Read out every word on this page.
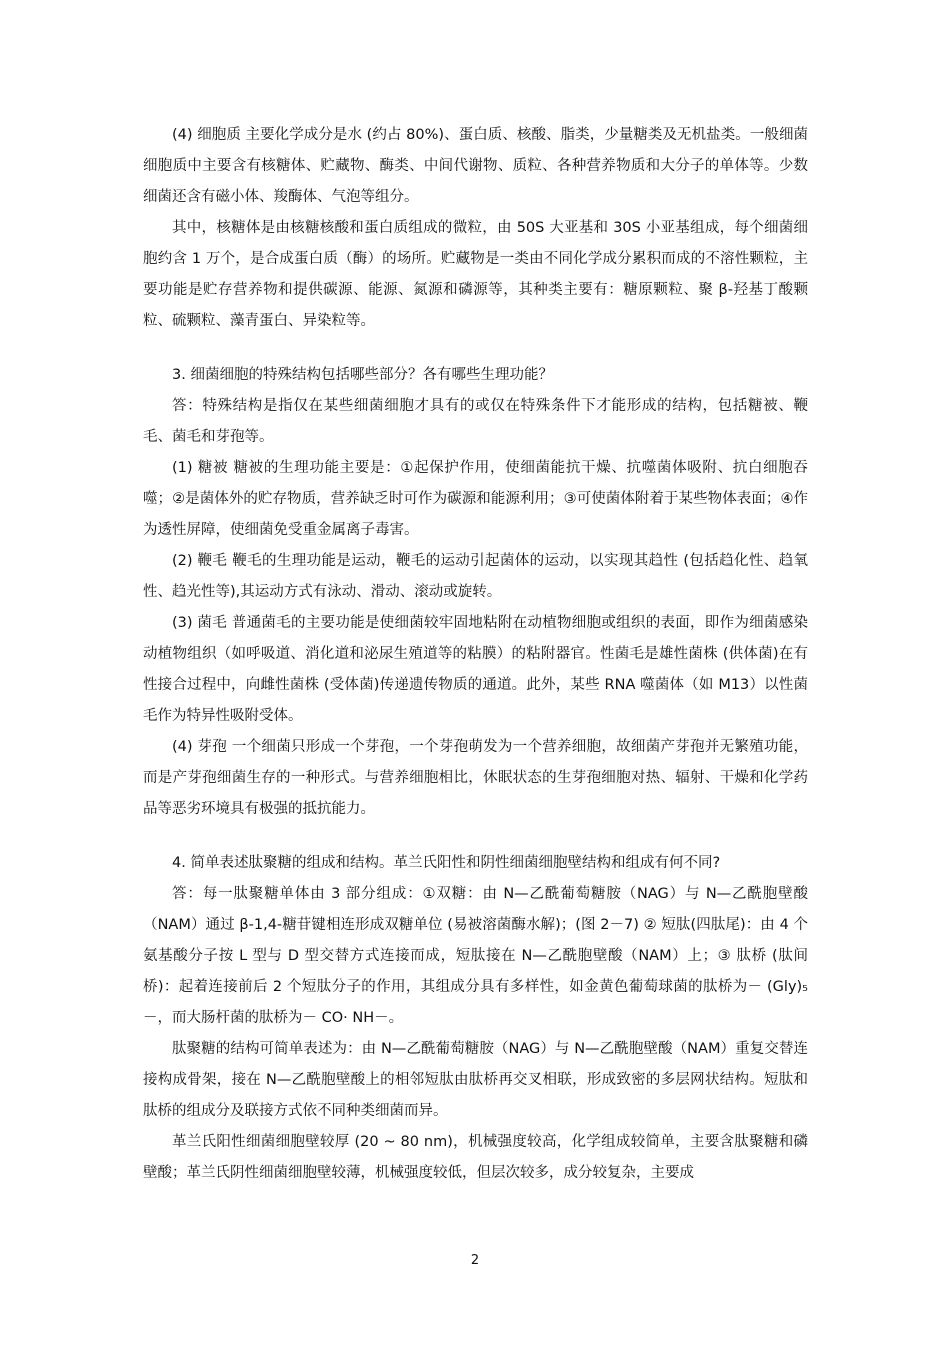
(4) 细胞质 主要化学成分是水 (约占 80%)、蛋白质、核酸、脂类，少量糖类及无机盐类。一般细菌细胞质中主要含有核糖体、贮藏物、酶类、中间代谢物、质粒、各种营养物质和大分子的单体等。少数细菌还含有磁小体、羧酶体、气泡等组分。

其中，核糖体是由核糖核酸和蛋白质组成的微粒，由 50S 大亚基和 30S 小亚基组成，每个细菌细胞约含 1 万个，是合成蛋白质（酶）的场所。贮藏物是一类由不同化学成分累积而成的不溶性颗粒，主要功能是贮存营养物和提供碳源、能源、氮源和磷源等，其种类主要有：糖原颗粒、聚 β-羟基丁酸颗粒、硫颗粒、藻青蛋白、异染粒等。

3. 细菌细胞的特殊结构包括哪些部分？各有哪些生理功能？

答：特殊结构是指仅在某些细菌细胞才具有的或仅在特殊条件下才能形成的结构，包括糖被、鞭毛、菌毛和芽孢等。

(1) 糖被 糖被的生理功能主要是：①起保护作用，使细菌能抗干燥、抗噬菌体吸附、抗白细胞吞噬；②是菌体外的贮存物质，营养缺乏时可作为碳源和能源利用；③可使菌体附着于某些物体表面；④作为透性屏障，使细菌免受重金属离子毒害。

(2) 鞭毛 鞭毛的生理功能是运动，鞭毛的运动引起菌体的运动，以实现其趋性 (包括趋化性、趋氧性、趋光性等),其运动方式有泳动、滑动、滚动或旋转。

(3) 菌毛 普通菌毛的主要功能是使细菌较牢固地粘附在动植物细胞或组织的表面，即作为细菌感染动植物组织（如呼吸道、消化道和泌尿生殖道等的粘膜）的粘附器官。性菌毛是雄性菌株 (供体菌)在有性接合过程中，向雌性菌株 (受体菌)传递遗传物质的通道。此外，某些 RNA 噬菌体（如 M13）以性菌毛作为特异性吸附受体。

(4) 芽孢 一个细菌只形成一个芽孢，一个芽孢萌发为一个营养细胞，故细菌产芽孢并无繁殖功能，而是产芽孢细菌生存的一种形式。与营养细胞相比，休眠状态的生芽孢细胞对热、辐射、干燥和化学药品等恶劣环境具有极强的抵抗能力。

4. 简单表述肽聚糖的组成和结构。革兰氏阳性和阴性细菌细胞壁结构和组成有何不同?

答：每一肽聚糖单体由 3 部分组成：①双糖：由 N—乙酰葡萄糖胺（NAG）与 N—乙酰胞壁酸（NAM）通过 β-1,4-糖苷键相连形成双糖单位 (易被溶菌酶水解)；(图 2－7) ② 短肽(四肽尾)：由 4 个氨基酸分子按 L 型与 D 型交替方式连接而成，短肽接在 N—乙酰胞壁酸（NAM）上；③ 肽桥 (肽间桥)：起着连接前后 2 个短肽分子的作用，其组成分具有多样性，如金黄色葡萄球菌的肽桥为－ (Gly)₅－，而大肠杆菌的肽桥为－ CO· NH－。

肽聚糖的结构可简单表述为：由 N—乙酰葡萄糖胺（NAG）与 N—乙酰胞壁酸（NAM）重复交替连接构成骨架，接在 N—乙酰胞壁酸上的相邻短肽由肽桥再交叉相联，形成致密的多层网状结构。短肽和肽桥的组成分及联接方式依不同种类细菌而异。

革兰氏阳性细菌细胞壁较厚 (20 ~ 80 nm)，机械强度较高，化学组成较简单，主要含肽聚糖和磷壁酸；革兰氏阴性细菌细胞壁较薄，机械强度较低，但层次较多，成分较复杂，主要成

2
